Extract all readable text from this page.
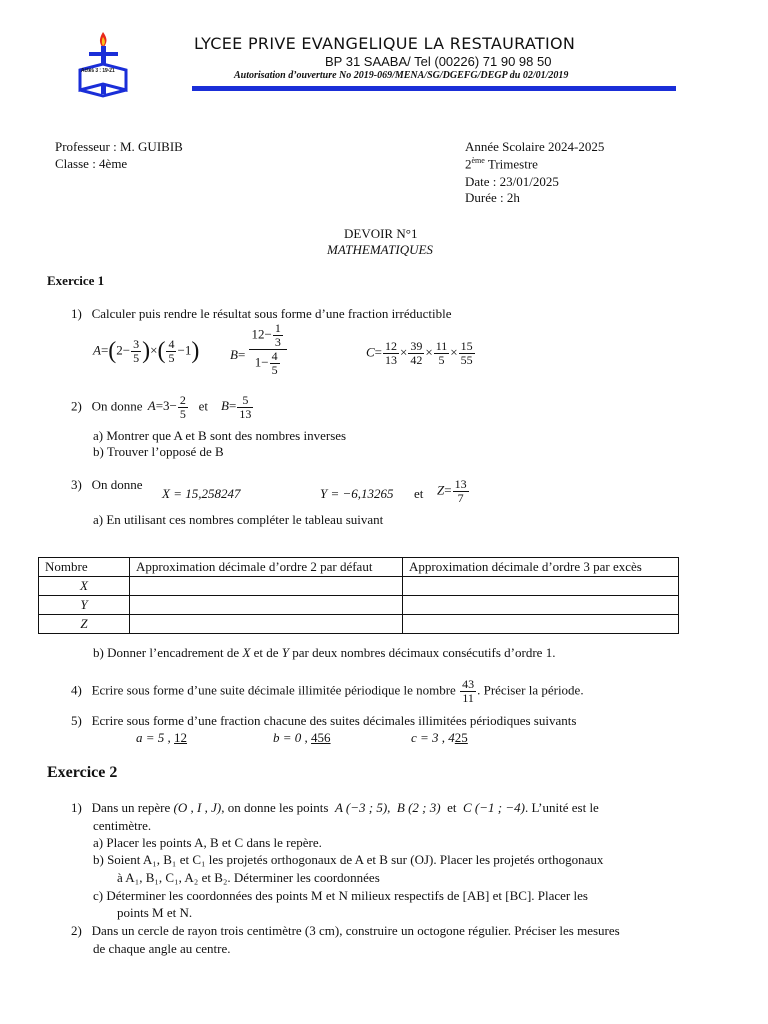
Actes 3 : 19-21
LYCEE PRIVE EVANGELIQUE LA RESTAURATION
BP 31 SAABA/ Tel (00226) 71 90 98 50
Autorisation d’ouverture No 2019-069/MENA/SG/DGEFG/DEGP du 02/01/2019
Professeur : M. GUIBIB
Classe : 4ème
Année Scolaire 2024-2025
2ème Trimestre
Date : 23/01/2025
Durée : 2h
DEVOIR N°1
MATHEMATIQUES
Exercice 1
1) Calculer puis rendre le résultat sous forme d’une fraction irréductible
$A=(2- \frac{3}{5}$ )×( $\frac{4}{5} -1$) $B= \frac{12- \frac{1}{3}}{1- \frac{4}{5}}$	$C= \frac{12}{13} \times \frac{39}{42} \times \frac{11}{5} \times \frac{15}{55}$
2) On donne $A=3- \frac{2}{5}$ et $B= \frac{5}{13}$
a) Montrer que A et B sont des nombres inverses
b) Trouver l’opposé de B
3) On donne
X = 15,258247	Y = −6,13265 et $Z= \frac{13}{7}$
a) En utilisant ces nombres compléter le tableau suivant
Nombre	Approximation décimale d’ordre 2 par défaut	Approximation décimale d’ordre 3 par excès
X		
Y		
Z		
b) Donner l’encadrement de X et de Y par deux nombres décimaux consécutifs d’ordre 1.
4) Ecrire sous forme d’une suite décimale illimitée périodique le nombre $\frac{43}{11}$ . Préciser la période.
5) Ecrire sous forme d’une fraction chacune des suites décimales illimitées périodiques suivants
a = 5 , 12	b = 0 , 456	c = 3 , 425
Exercice 2
1) Dans un repère (O , I , J), on donne les points A (−3 ; 5),  B (2 ; 3) et C (−1 ; −4). L’unité est le
centimètre.
a) Placer les points A, B et C dans le repère.
b) Soient A₁, B₁ et C₁ les projetés orthogonaux de A et B sur (OJ). Placer les projetés orthogonaux
à A₁, B₁, C₁, A₂ et B₂. Déterminer les coordonnées
c) Déterminer les coordonnées des points M et N milieux respectifs de [AB] et [BC]. Placer les
points M et N.
2) Dans un cercle de rayon trois centimètre (3 cm), construire un octogone régulier. Préciser les mesures
de chaque angle au centre.
